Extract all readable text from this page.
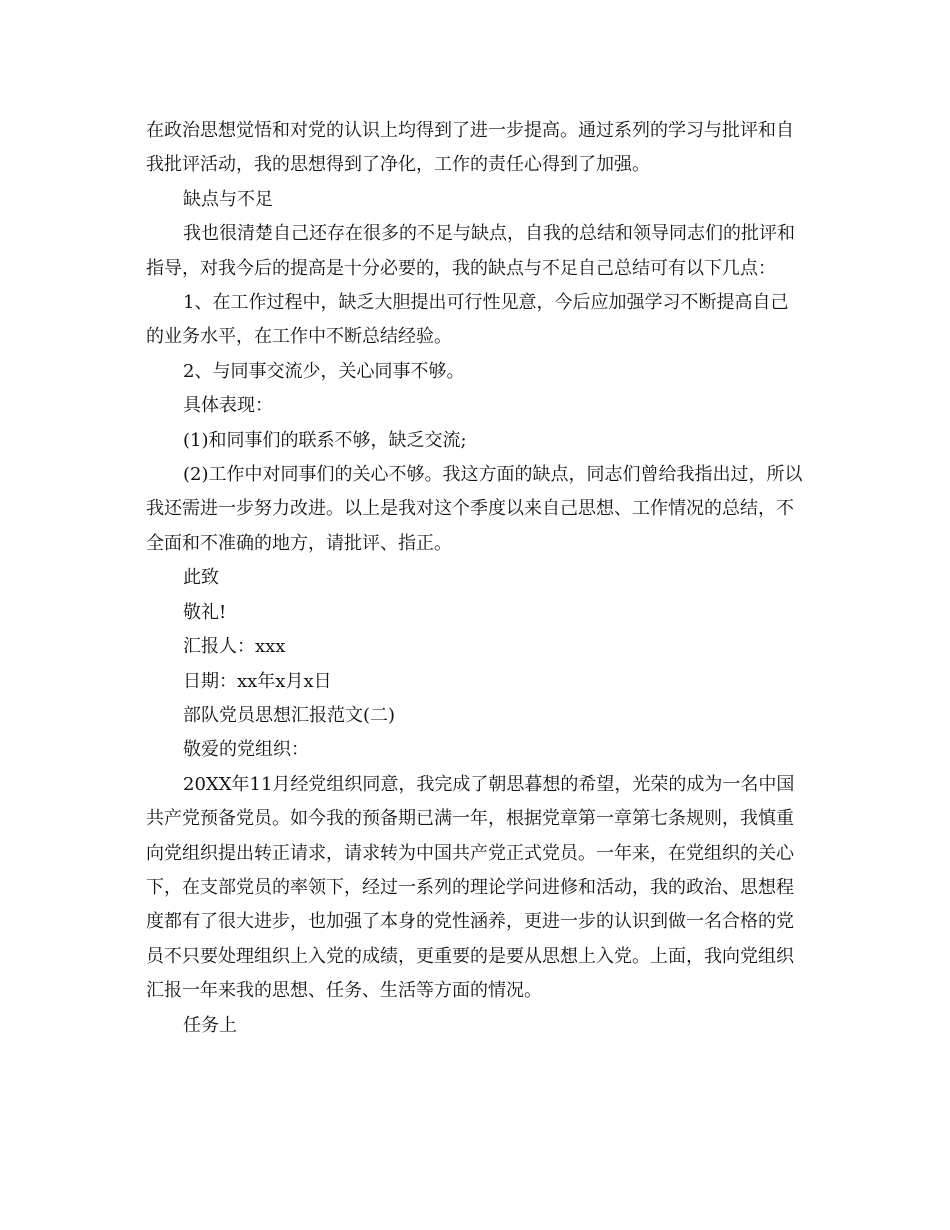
在政治思想觉悟和对党的认识上均得到了进一步提高。通过系列的学习与批评和自我批评活动，我的思想得到了净化，工作的责任心得到了加强。

缺点与不足

我也很清楚自己还存在很多的不足与缺点，自我的总结和领导同志们的批评和指导，对我今后的提高是十分必要的，我的缺点与不足自己总结可有以下几点：

1、在工作过程中，缺乏大胆提出可行性见意，今后应加强学习不断提高自己的业务水平，在工作中不断总结经验。

2、与同事交流少，关心同事不够。

具体表现：

(1)和同事们的联系不够，缺乏交流;

(2)工作中对同事们的关心不够。我这方面的缺点，同志们曾给我指出过，所以我还需进一步努力改进。以上是我对这个季度以来自己思想、工作情况的总结，不全面和不准确的地方，请批评、指正。

此致

敬礼!

汇报人：xxx

日期：xx年x月x日

部队党员思想汇报范文(二)

敬爱的党组织：

20XX年11月经党组织同意，我完成了朝思暮想的希望，光荣的成为一名中国共产党预备党员。如今我的预备期已满一年，根据党章第一章第七条规则，我慎重向党组织提出转正请求，请求转为中国共产党正式党员。一年来，在党组织的关心下，在支部党员的率领下，经过一系列的理论学问进修和活动，我的政治、思想程度都有了很大进步，也加强了本身的党性涵养，更进一步的认识到做一名合格的党员不只要处理组织上入党的成绩，更重要的是要从思想上入党。上面，我向党组织汇报一年来我的思想、任务、生活等方面的情况。

任务上
